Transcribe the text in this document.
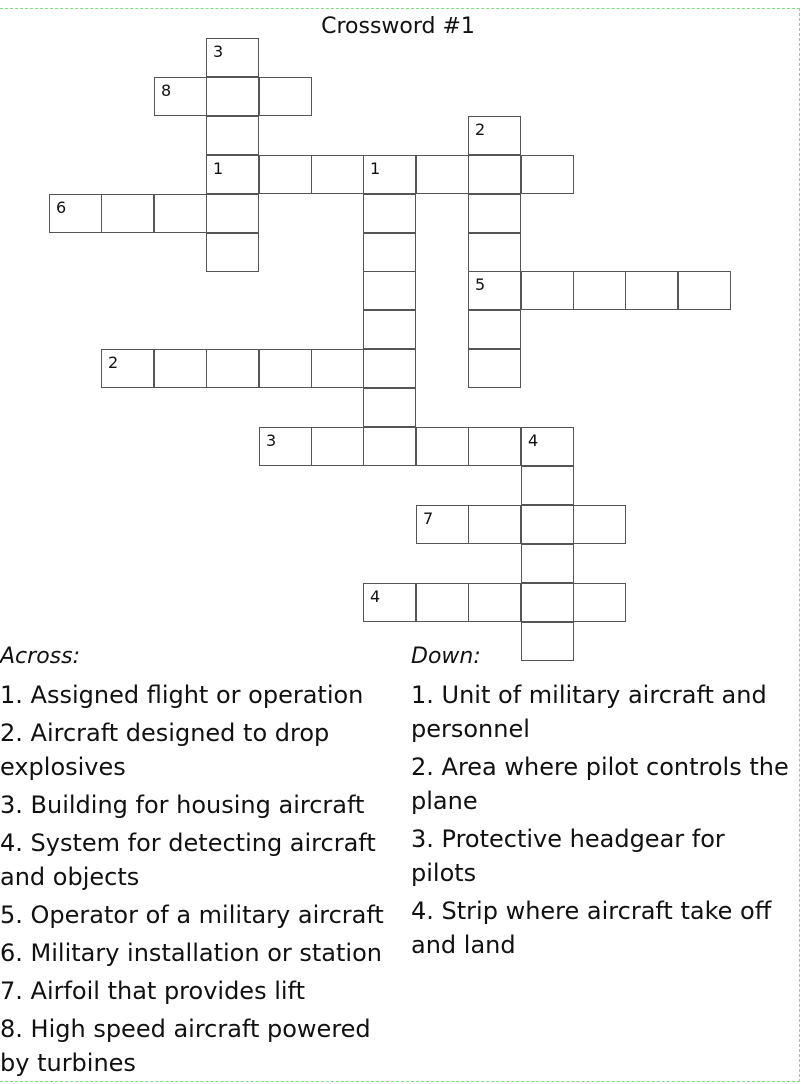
Crossword #1
3
8
2
1	1
6
5
2
3	4
7
4
Across:
1. Assigned flight or operation
2. Aircraft designed to drop explosives
3. Building for housing aircraft
4. System for detecting aircraft and objects
5. Operator of a military aircraft
6. Military installation or station
7. Airfoil that provides lift
8. High speed aircraft powered by turbines
Down:
1. Unit of military aircraft and personnel
2. Area where pilot controls the plane
3. Protective headgear for pilots
4. Strip where aircraft take off and land
